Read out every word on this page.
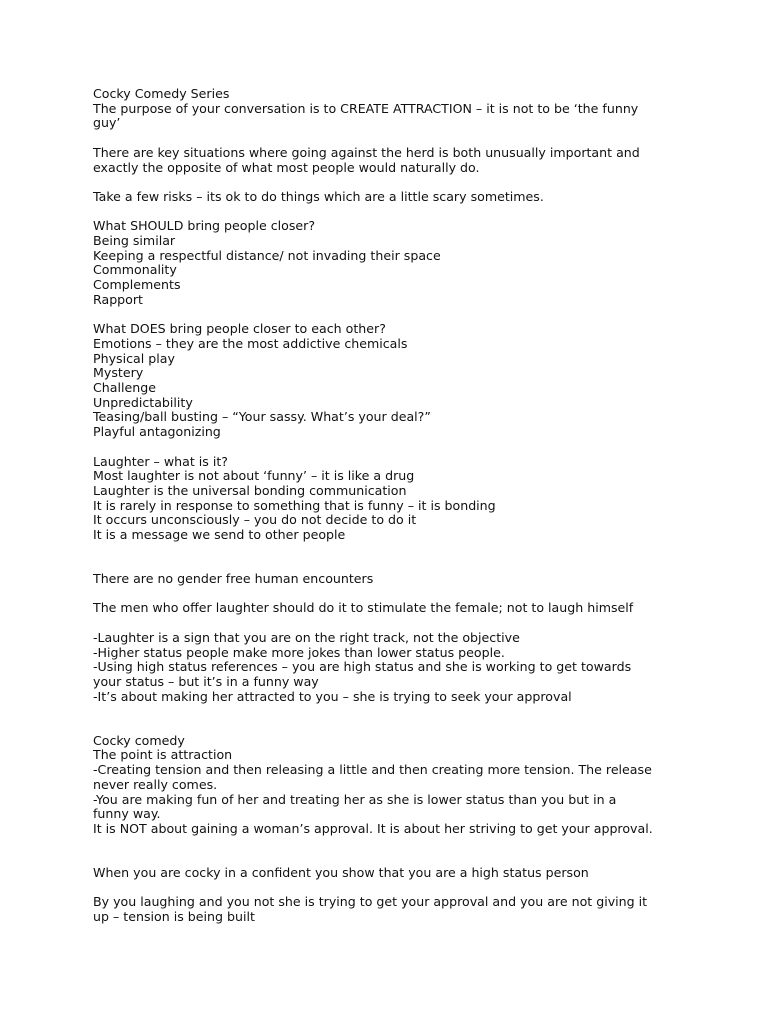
Cocky Comedy Series
The purpose of your conversation is to CREATE ATTRACTION – it is not to be ‘the funny
guy’
There are key situations where going against the herd is both unusually important and
exactly the opposite of what most people would naturally do.
Take a few risks – its ok to do things which are a little scary sometimes.
What SHOULD bring people closer?
Being similar
Keeping a respectful distance/ not invading their space
Commonality
Complements
Rapport
What DOES bring people closer to each other?
Emotions – they are the most addictive chemicals
Physical play
Mystery
Challenge
Unpredictability
Teasing/ball busting – “Your sassy. What’s your deal?”
Playful antagonizing
Laughter – what is it?
Most laughter is not about ‘funny’ – it is like a drug
Laughter is the universal bonding communication
It is rarely in response to something that is funny – it is bonding
It occurs unconsciously – you do not decide to do it
It is a message we send to other people
There are no gender free human encounters
The men who offer laughter should do it to stimulate the female; not to laugh himself
-Laughter is a sign that you are on the right track, not the objective
-Higher status people make more jokes than lower status people.
-Using high status references – you are high status and she is working to get towards
your status – but it’s in a funny way
-It’s about making her attracted to you – she is trying to seek your approval
Cocky comedy
The point is attraction
-Creating tension and then releasing a little and then creating more tension. The release
never really comes.
-You are making fun of her and treating her as she is lower status than you but in a
funny way.
It is NOT about gaining a woman’s approval. It is about her striving to get your approval.
When you are cocky in a confident you show that you are a high status person
By you laughing and you not she is trying to get your approval and you are not giving it
up – tension is being built
